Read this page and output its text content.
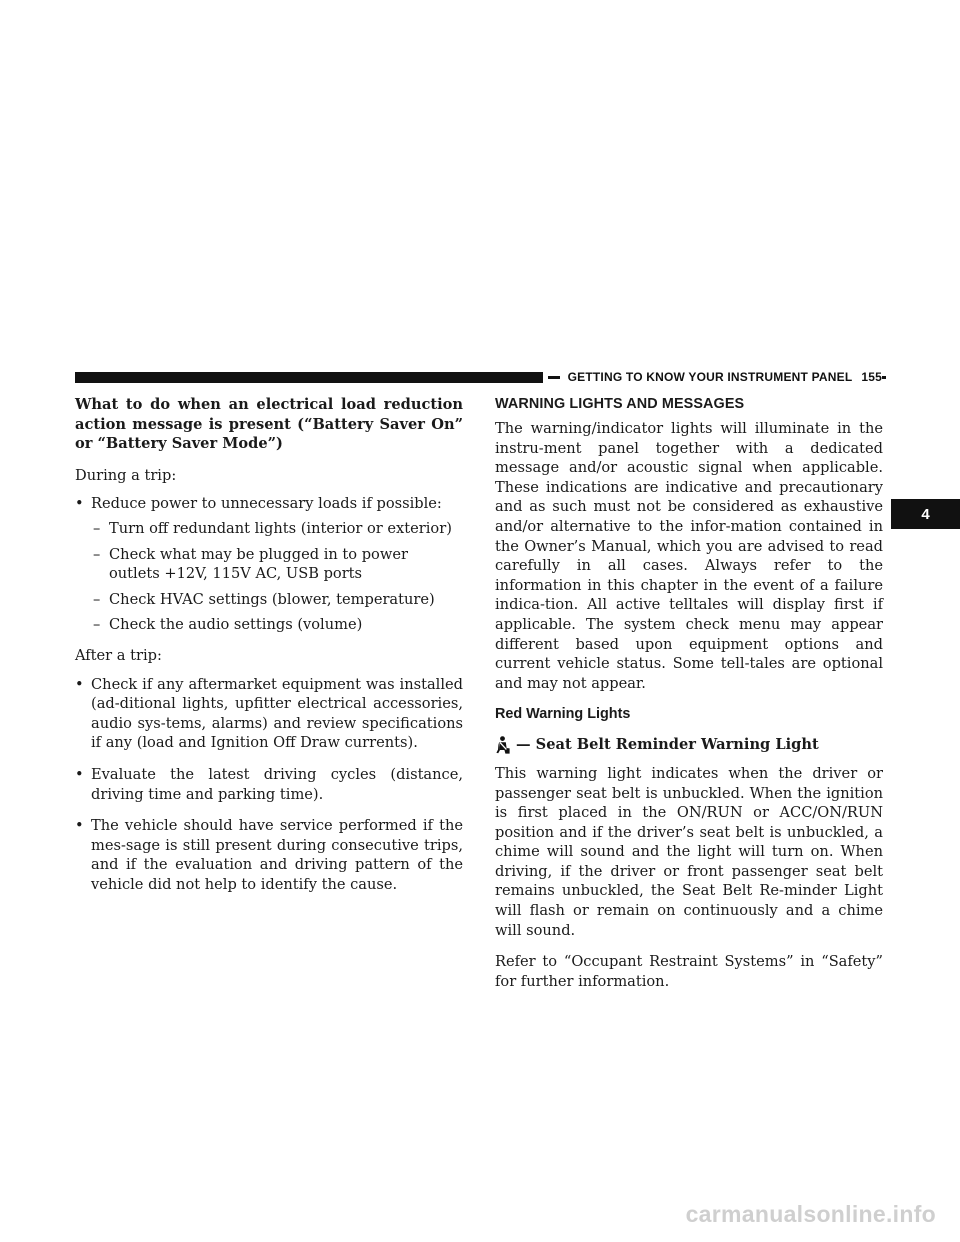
GETTING TO KNOW YOUR INSTRUMENT PANEL 155
4

What to do when an electrical load reduction action message is present (“Battery Saver On” or “Battery Saver Mode”)

During a trip:

• Reduce power to unnecessary loads if possible:

– Turn off redundant lights (interior or exterior)

– Check what may be plugged in to power outlets +12V, 115V AC, USB ports

– Check HVAC settings (blower, temperature)

– Check the audio settings (volume)

After a trip:

• Check if any aftermarket equipment was installed (ad-ditional lights, upfitter electrical accessories, audio sys-tems, alarms) and review specifications if any (load and Ignition Off Draw currents).

• Evaluate the latest driving cycles (distance, driving time and parking time).

• The vehicle should have service performed if the mes-sage is still present during consecutive trips, and if the evaluation and driving pattern of the vehicle did not help to identify the cause.

WARNING LIGHTS AND MESSAGES

The warning/indicator lights will illuminate in the instru-ment panel together with a dedicated message and/or acoustic signal when applicable. These indications are indicative and precautionary and as such must not be considered as exhaustive and/or alternative to the infor-mation contained in the Owner’s Manual, which you are advised to read carefully in all cases. Always refer to the information in this chapter in the event of a failure indica-tion. All active telltales will display first if applicable. The system check menu may appear different based upon equipment options and current vehicle status. Some tell-tales are optional and may not appear.

Red Warning Lights

— Seat Belt Reminder Warning Light

This warning light indicates when the driver or passenger seat belt is unbuckled. When the ignition is first placed in the ON/RUN or ACC/ON/RUN position and if the driver’s seat belt is unbuckled, a chime will sound and the light will turn on. When driving, if the driver or front passenger seat belt remains unbuckled, the Seat Belt Re-minder Light will flash or remain on continuously and a chime will sound.

Refer to “Occupant Restraint Systems” in “Safety” for further information.

carmanualsonline.info
